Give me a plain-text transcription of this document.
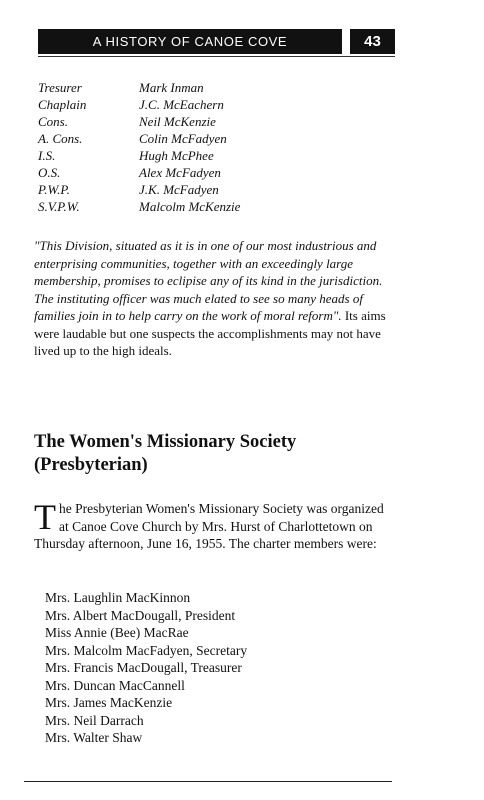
A HISTORY OF CANOE COVE	43
Tresurer	Mark Inman
Chaplain	J.C. McEachern
Cons.	Neil McKenzie
A. Cons.	Colin McFadyen
I.S.	Hugh McPhee
O.S.	Alex McFadyen
P.W.P.	J.K. McFadyen
S.V.P.W.	Malcolm McKenzie
"This Division, situated as it is in one of our most industrious and enterprising communities, together with an exceedingly large membership, promises to eclipise any of its kind in the jurisdiction. The instituting officer was much elated to see so many heads of families join in to help carry on the work of moral reform". Its aims were laudable but one suspects the accomplishments may not have lived up to the high ideals.
The Women's Missionary Society
(Presbyterian)
The Presbyterian Women's Missionary Society was organized at Canoe Cove Church by Mrs. Hurst of Charlottetown on Thursday afternoon, June 16, 1955. The charter members were:
Mrs. Laughlin MacKinnon
Mrs. Albert MacDougall, President
Miss Annie (Bee) MacRae
Mrs. Malcolm MacFadyen, Secretary
Mrs. Francis MacDougall, Treasurer
Mrs. Duncan MacCannell
Mrs. James MacKenzie
Mrs. Neil Darrach
Mrs. Walter Shaw
